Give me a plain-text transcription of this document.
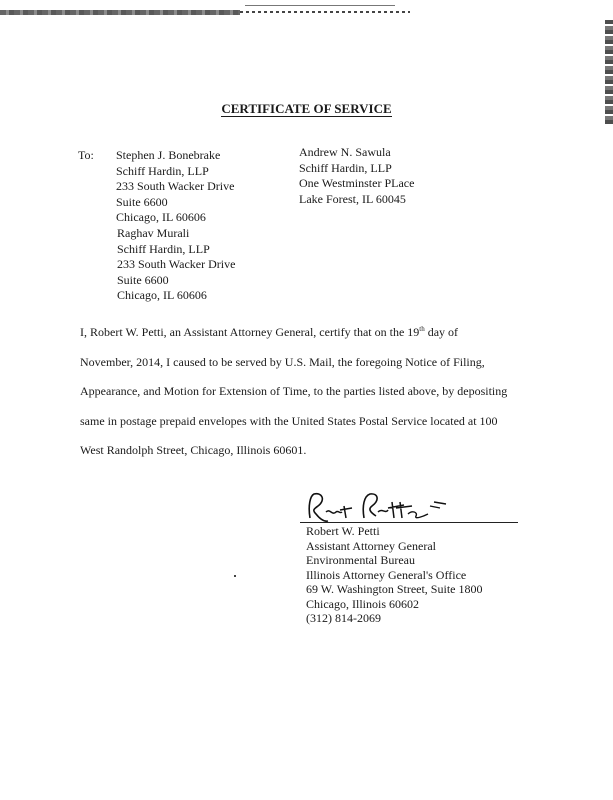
CERTIFICATE OF SERVICE
To: Stephen J. Bonebrake
Schiff Hardin, LLP
233 South Wacker Drive
Suite 6600
Chicago, IL 60606
Andrew N. Sawula
Schiff Hardin, LLP
One Westminster PLace
Lake Forest, IL 60045
Raghav Murali
Schiff Hardin, LLP
233 South Wacker Drive
Suite 6600
Chicago, IL 60606
I, Robert W. Petti, an Assistant Attorney General, certify that on the 19th day of
November, 2014, I caused to be served by U.S. Mail, the foregoing Notice of Filing,
Appearance, and Motion for Extension of Time, to the parties listed above, by depositing
same in postage prepaid envelopes with the United States Postal Service located at 100
West Randolph Street, Chicago, Illinois 60601.
Robert W. Petti
Assistant Attorney General
Environmental Bureau
Illinois Attorney General's Office
69 W. Washington Street, Suite 1800
Chicago, Illinois 60602
(312) 814-2069
